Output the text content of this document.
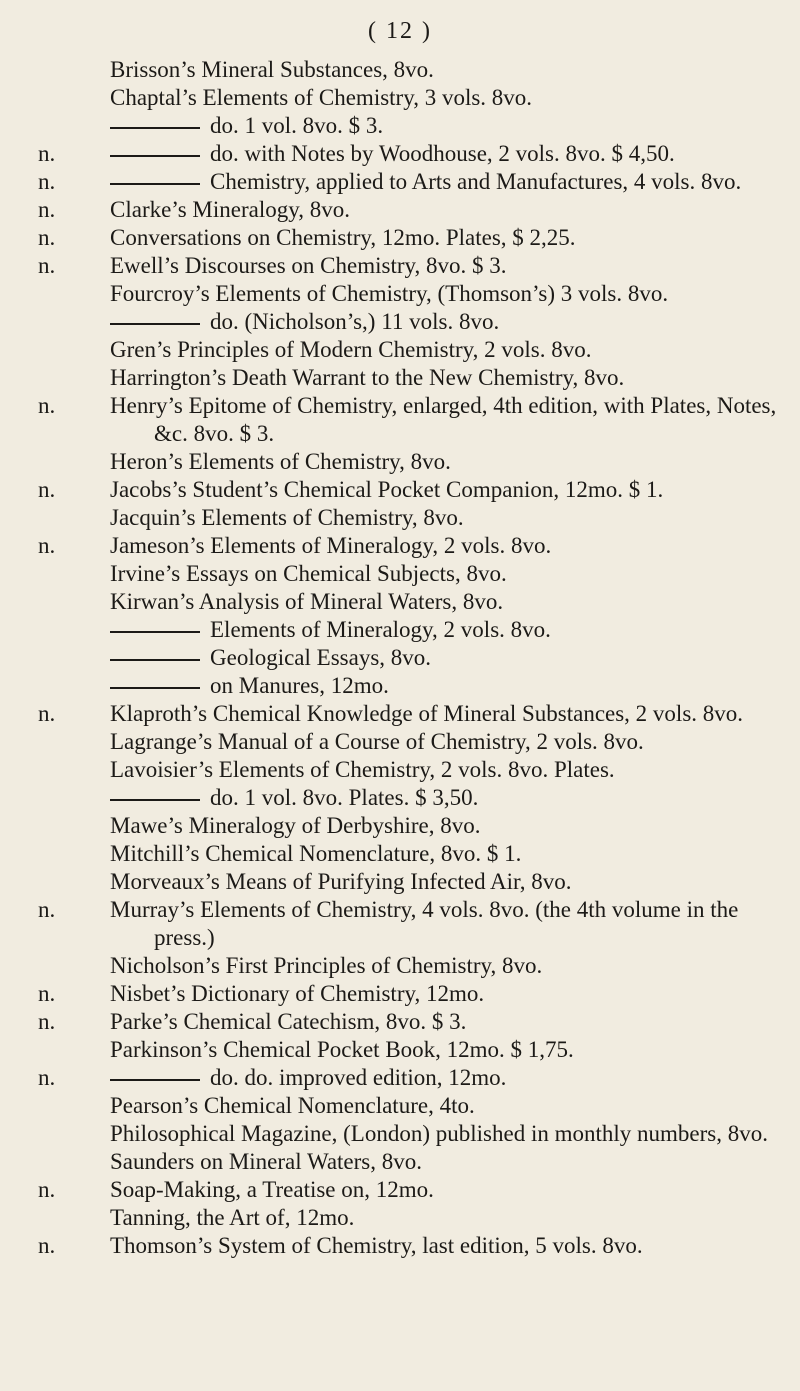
( 12 )
Brisson’s Mineral Substances, 8vo.
Chaptal’s Elements of Chemistry, 3 vols. 8vo.
do. 1 vol. 8vo. $ 3.
n.	do. with Notes by Woodhouse, 2 vols. 8vo. $ 4,50.
n.	Chemistry, applied to Arts and Manufactures, 4 vols. 8vo.
n. Clarke’s Mineralogy, 8vo.
n. Conversations on Chemistry, 12mo. Plates, $ 2,25.
n. Ewell’s Discourses on Chemistry, 8vo. $ 3.
Fourcroy’s Elements of Chemistry, (Thomson’s) 3 vols. 8vo.
do. (Nicholson’s,) 11 vols. 8vo.
Gren’s Principles of Modern Chemistry, 2 vols. 8vo.
Harrington’s Death Warrant to the New Chemistry, 8vo.
n. Henry’s Epitome of Chemistry, enlarged, 4th edition, with Plates, Notes, &c. 8vo. $ 3.
Heron’s Elements of Chemistry, 8vo.
n. Jacobs’s Student’s Chemical Pocket Companion, 12mo. $ 1.
Jacquin’s Elements of Chemistry, 8vo.
n. Jameson’s Elements of Mineralogy, 2 vols. 8vo.
Irvine’s Essays on Chemical Subjects, 8vo.
Kirwan’s Analysis of Mineral Waters, 8vo.
Elements of Mineralogy, 2 vols. 8vo.
Geological Essays, 8vo.
on Manures, 12mo.
n. Klaproth’s Chemical Knowledge of Mineral Substances, 2 vols. 8vo.
Lagrange’s Manual of a Course of Chemistry, 2 vols. 8vo.
Lavoisier’s Elements of Chemistry, 2 vols. 8vo. Plates.
do. 1 vol. 8vo. Plates. $ 3,50.
Mawe’s Mineralogy of Derbyshire, 8vo.
Mitchill’s Chemical Nomenclature, 8vo. $ 1.
Morveaux’s Means of Purifying Infected Air, 8vo.
n. Murray’s Elements of Chemistry, 4 vols. 8vo. (the 4th volume in the press.)
Nicholson’s First Principles of Chemistry, 8vo.
n. Nisbet’s Dictionary of Chemistry, 12mo.
n. Parke’s Chemical Catechism, 8vo. $ 3.
Parkinson’s Chemical Pocket Book, 12mo. $ 1,75.
n.	do. do. improved edition, 12mo.
Pearson’s Chemical Nomenclature, 4to.
Philosophical Magazine, (London) published in monthly numbers, 8vo.
Saunders on Mineral Waters, 8vo.
n. Soap-Making, a Treatise on, 12mo.
Tanning, the Art of, 12mo.
n. Thomson’s System of Chemistry, last edition, 5 vols. 8vo.
